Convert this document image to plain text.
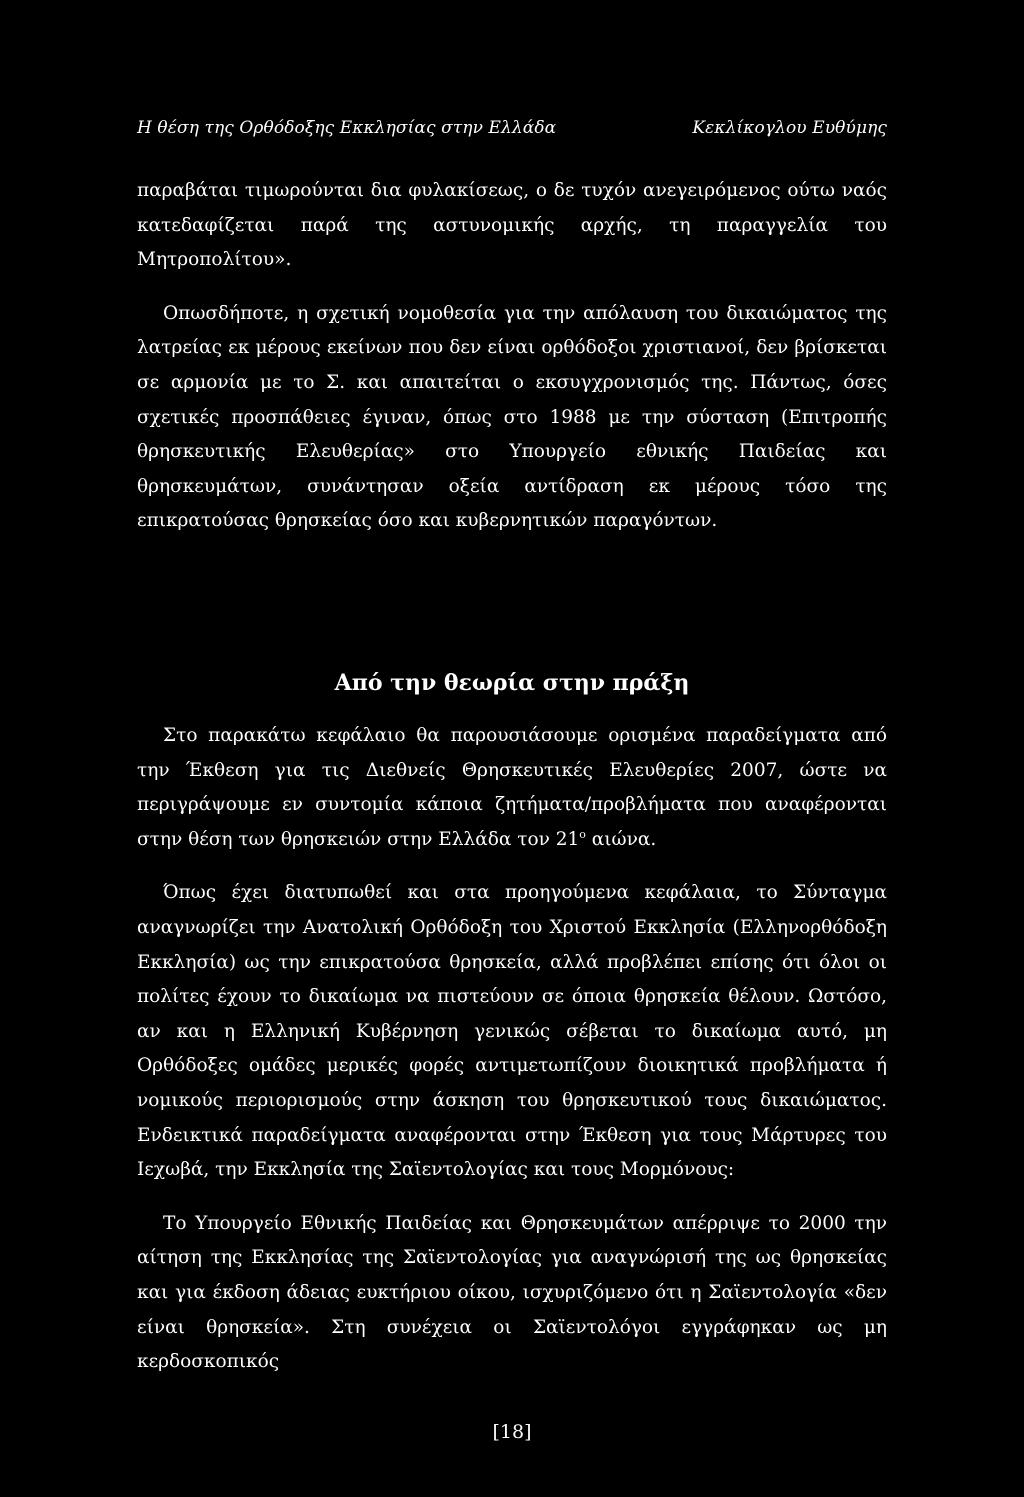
Η θέση της Ορθόδοξης Εκκλησίας στην Ελλάδα	Κεκλίκογλου Ευθύμης

παραβάται τιμωρούνται δια φυλακίσεως, ο δε τυχόν ανεγειρόμενος ούτω ναός κατεδαφίζεται παρά της αστυνομικής αρχής, τη παραγγελία του Μητροπολίτου».

Οπωσδήποτε, η σχετική νομοθεσία για την απόλαυση του δικαιώματος της λατρείας εκ μέρους εκείνων που δεν είναι ορθόδοξοι χριστιανοί, δεν βρίσκεται σε αρμονία με το Σ. και απαιτείται ο εκσυγχρονισμός της. Πάντως, όσες σχετικές προσπάθειες έγιναν, όπως στο 1988 με την σύσταση (Επιτροπής θρησκευτικής Ελευθερίας» στο Υπουργείο εθνικής Παιδείας και θρησκευμάτων, συνάντησαν οξεία αντίδραση εκ μέρους τόσο της επικρατούσας θρησκείας όσο και κυβερνητικών παραγόντων.

Από την θεωρία στην πράξη

Στο παρακάτω κεφάλαιο θα παρουσιάσουμε ορισμένα παραδείγματα από την Έκθεση για τις Διεθνείς Θρησκευτικές Ελευθερίες 2007, ώστε να περιγράψουμε εν συντομία κάποια ζητήματα/προβλήματα που αναφέρονται στην θέση των θρησκειών στην Ελλάδα τον $21^o$ αιώνα.

Όπως έχει διατυπωθεί και στα προηγούμενα κεφάλαια, το Σύνταγμα αναγνωρίζει την Ανατολική Ορθόδοξη του Χριστού Εκκλησία (Ελληνορθόδοξη Εκκλησία) ως την επικρατούσα θρησκεία, αλλά προβλέπει επίσης ότι όλοι οι πολίτες έχουν το δικαίωμα να πιστεύουν σε όποια θρησκεία θέλουν. Ωστόσο, αν και η Ελληνική Κυβέρνηση γενικώς σέβεται το δικαίωμα αυτό, μη Ορθόδοξες ομάδες μερικές φορές αντιμετωπίζουν διοικητικά προβλήματα ή νομικούς περιορισμούς στην άσκηση του θρησκευτικού τους δικαιώματος. Ενδεικτικά παραδείγματα αναφέρονται στην Έκθεση για τους Μάρτυρες του Ιεχωβά, την Εκκλησία της Σαϊεντολογίας και τους Μορμόνους:

Το Υπουργείο Εθνικής Παιδείας και Θρησκευμάτων απέρριψε το 2000 την αίτηση της Εκκλησίας της Σαϊεντολογίας για αναγνώρισή της ως θρησκείας και για έκδοση άδειας ευκτήριου οίκου, ισχυριζόμενο ότι η Σαϊεντολογία «δεν είναι θρησκεία». Στη συνέχεια οι Σαϊεντολόγοι εγγράφηκαν ως μη κερδοσκοπικός

[18]
